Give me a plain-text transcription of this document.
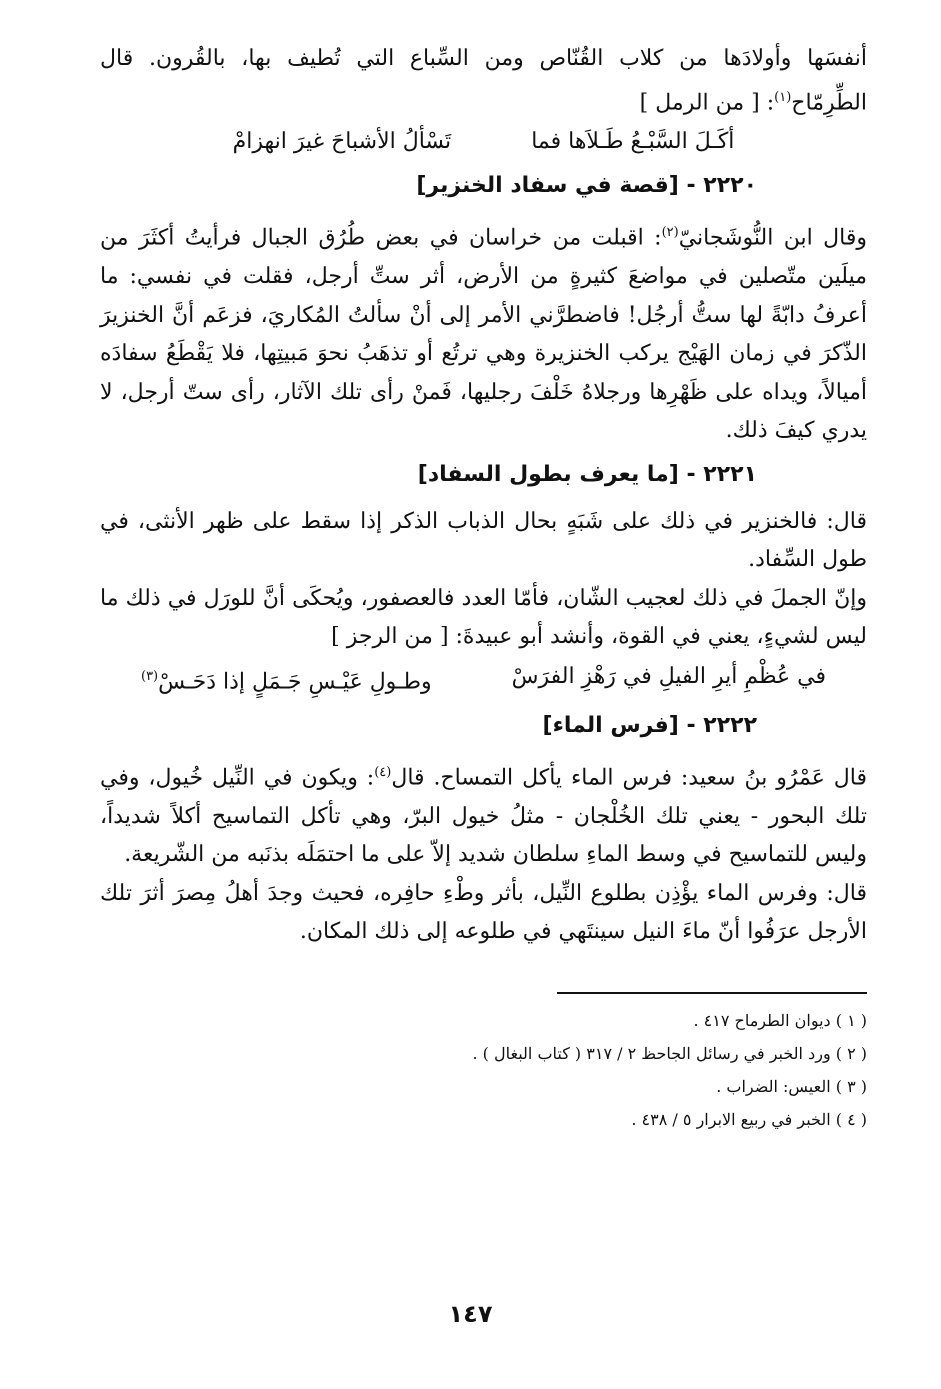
أنفسَها وأولادَها من كلاب القُنّاص ومن السِّباع التي تُطيف بها، بالقُرون. قال الطِّرِمّاح$^{(١)}$: [ من الرمل ]

أكَـلَ السَّبْـعُ طَـلاَها فما
تَسْألُ الأشباحَ غيرَ انهزامْ
٢٢٢٠ - [قصة في سفاد الخنزير]

وقال ابن النُّوشَجانيّ$^{(٢)}$: اقبلت من خراسان في بعض طُرُق الجبال فرأيتُ أكثَرَ من ميلَين متّصلين في مواضعَ كثيرةٍ من الأرض، أثر ستِّ أرجل، فقلت في نفسي: ما أعرفُ دابّةً لها ستُّ أرجُل! فاضطرَّني الأمر إلى أنْ سألتُ المُكاريَ، فزعَم أنَّ الخنزيرَ الذّكرَ في زمان الهَيْج يركب الخنزيرة وهي ترتُع أو تذهَبُ نحوَ مَبيتِها، فلا يَقْطَعُ سفادَه أميالاً، ويداه على ظَهْرِها ورجلاهُ خَلْفَ رجليها، فَمنْ رأى تلك الآثار، رأى ستّ أرجل، لا يدري كيفَ ذلك.

٢٢٢١ - [ما يعرف بطول السفاد]

قال: فالخنزير في ذلك على شَبَهٍ بحال الذباب الذكر إذا سقط على ظهر الأنثى، في طول السِّفاد.

وإنّ الجملَ في ذلك لعجيب الشّان، فأمّا العدد فالعصفور، ويُحكَى أنَّ للورَل في ذلك ما ليس لشيءٍ، يعني في القوة، وأنشد أبو عبيدةَ: [ من الرجز ]

في عُظْمِ أيرِ الفيلِ في رَهْزِ الفرَسْ
وطـولِ عَيْـسِ جَـمَلٍ إذا دَحَـسْ$^{(٣)}$
٢٢٢٢ - [فرس الماء]

قال عَمْرُو بنُ سعيد: فرس الماء يأكل التمساح. قال$^{(٤)}$: ويكون في النِّيل خُيول، وفي تلك البحور - يعني تلك الخُلْجان - مثلُ خيول البرّ، وهي تأكل التماسيح أكلاً شديداً، وليس للتماسيح في وسط الماءِ سلطان شديد إلاّ على ما احتمَلَه بذنَبه من الشّريعة.

قال: وفرس الماء يؤْذِن بطلوع النِّيل، بأثر وطْءِ حافِره، فحيث وجدَ أهلُ مِصرَ أثرَ تلك الأرجل عرَفُوا أنّ ماءَ النيل سينتَهي في طلوعه إلى ذلك المكان.

( ١ ) ديوان الطرماح ٤١٧ .
( ٢ ) ورد الخبر في رسائل الجاحظ ٢ / ٣١٧ ( كتاب البغال ) .
( ٣ ) العيس: الضراب .
( ٤ ) الخبر في ربيع الابرار ٥ / ٤٣٨ .
١٤٧
